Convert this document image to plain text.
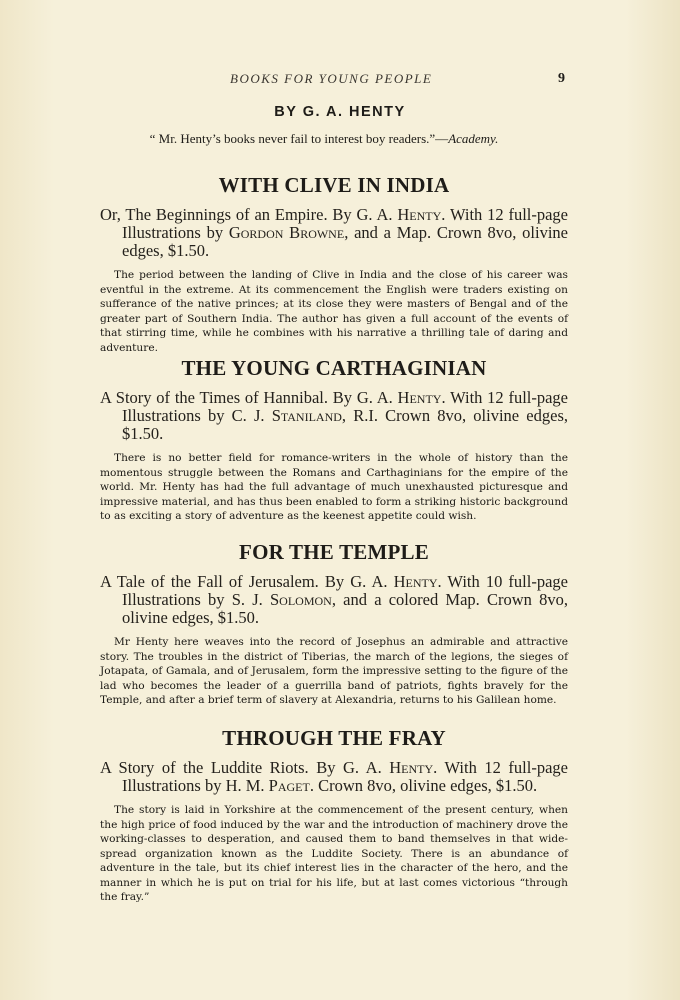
BOOKS FOR YOUNG PEOPLE	9
BY G. A. HENTY
“ Mr. Henty’s books never fail to interest boy readers.”—Academy.
WITH CLIVE IN INDIA

Or, The Beginnings of an Empire. By G. A. Henty. With 12 full-page Illustrations by Gordon Browne, and a Map. Crown 8vo, olivine edges, $1.50.

The period between the landing of Clive in India and the close of his career was eventful in the extreme. At its commencement the English were traders existing on sufferance of the native princes; at its close they were masters of Bengal and of the greater part of Southern India. The author has given a full account of the events of that stirring time, while he combines with his narrative a thrilling tale of daring and adventure.

THE YOUNG CARTHAGINIAN

A Story of the Times of Hannibal. By G. A. Henty. With 12 full-page Illustrations by C. J. Staniland, R.I. Crown 8vo, olivine edges, $1.50.

There is no better field for romance-writers in the whole of history than the momentous struggle between the Romans and Carthaginians for the empire of the world. Mr. Henty has had the full advantage of much unexhausted picturesque and impressive material, and has thus been enabled to form a striking historic background to as exciting a story of adventure as the keenest appetite could wish.

FOR THE TEMPLE

A Tale of the Fall of Jerusalem. By G. A. Henty. With 10 full-page Illustrations by S. J. Solomon, and a colored Map. Crown 8vo, olivine edges, $1.50.

Mr Henty here weaves into the record of Josephus an admirable and attractive story. The troubles in the district of Tiberias, the march of the legions, the sieges of Jotapata, of Gamala, and of Jerusalem, form the impressive setting to the figure of the lad who becomes the leader of a guerrilla band of patriots, fights bravely for the Temple, and after a brief term of slavery at Alexandria, returns to his Galilean home.

THROUGH THE FRAY

A Story of the Luddite Riots. By G. A. Henty. With 12 full-page Illustrations by H. M. Paget. Crown 8vo, olivine edges, $1.50.

The story is laid in Yorkshire at the commencement of the present century, when the high price of food induced by the war and the introduction of machinery drove the working-classes to desperation, and caused them to band themselves in that wide-spread organization known as the Luddite Society. There is an abundance of adventure in the tale, but its chief interest lies in the character of the hero, and the manner in which he is put on trial for his life, but at last comes victorious “through the fray.”
